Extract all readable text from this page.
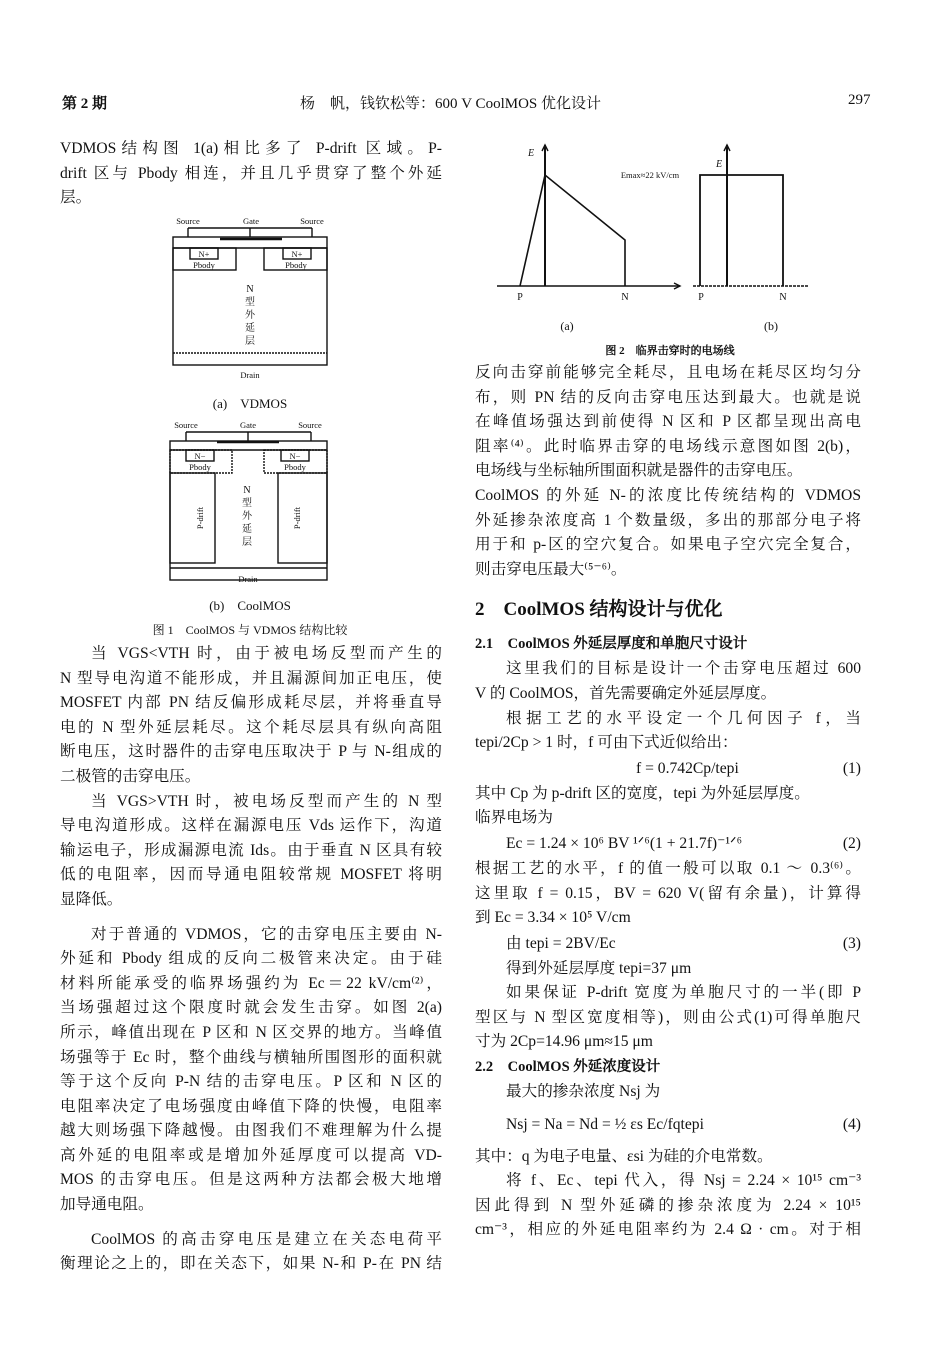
第 2 期	杨　帆，钱钦松等：600 V CoolMOS 优化设计	297
VDMOS结构图 1(a)相比多了 P-drift 区域。P-
drift 区与 Pbody 相连，并且几乎贯穿了整个外延
层。
Source	Gate	Source
N+	N+
Pbody	Pbody
Drain
Source	Gate	Source
N−	N−
Pbody	Pbody
Drain
P-drift	P-drift
N
型
外
延
层
N
型
外
延
层
(a)　VDMOS
(b)　CoolMOS
图 1　CoolMOS 与 VDMOS 结构比较
E
Emax≈22 kV/cm
P	N
E
P	N
(a)	(b)
图 2　临界击穿时的电场线
当 VGS<VTH 时，由于被电场反型而产生的
N 型导电沟道不能形成，并且漏源间加正电压，使
MOSFET 内部 PN 结反偏形成耗尽层，并将垂直导
电的 N 型外延层耗尽。这个耗尽层具有纵向高阻
断电压，这时器件的击穿电压取决于 P 与 N-组成的
二极管的击穿电压。
当 VGS>VTH 时，被电场反型而产生的 N 型
导电沟道形成。这样在漏源电压 Vds 运作下，沟道
输运电子，形成漏源电流 Ids。由于垂直 N 区具有较
低的电阻率，因而导通电阻较常规 MOSFET 将明
显降低。
对于普通的 VDMOS，它的击穿电压主要由 N-
外延和 Pbody 组成的反向二极管来决定。由于硅
材料所能承受的临界场强约为 Ec＝22 kV/cm⁽²⁾，
当场强超过这个限度时就会发生击穿。如图 2(a)
所示，峰值出现在 P 区和 N 区交界的地方。当峰值
场强等于 Ec 时，整个曲线与横轴所围图形的面积就
等于这个反向 P-N 结的击穿电压。P 区和 N 区的
电阻率决定了电场强度由峰值下降的快慢，电阻率
越大则场强下降越慢。由图我们不难理解为什么提
高外延的电阻率或是增加外延厚度可以提高 VD-
MOS 的击穿电压。但是这两种方法都会极大地增
加导通电阻。
CoolMOS 的高击穿电压是建立在关态电荷平
衡理论之上的，即在关态下，如果 N-和 P-在 PN 结
反向击穿前能够完全耗尽，且电场在耗尽区均匀分
布，则 PN 结的反向击穿电压达到最大。也就是说
在峰值场强达到前使得 N 区和 P 区都呈现出高电
阻率⁽⁴⁾。此时临界击穿的电场线示意图如图 2(b)，
电场线与坐标轴所围面积就是器件的击穿电压。
CoolMOS 的外延 N-的浓度比传统结构的 VDMOS
外延掺杂浓度高 1 个数量级，多出的那部分电子将
用于和 p-区的空穴复合。如果电子空穴完全复合，
则击穿电压最大⁽⁵⁻⁶⁾。
2　CoolMOS 结构设计与优化
2.1　CoolMOS 外延层厚度和单胞尺寸设计
这里我们的目标是设计一个击穿电压超过 600
V 的 CoolMOS，首先需要确定外延层厚度。
根据工艺的水平设定一个几何因子 f，当
tepi/2Cp > 1 时，f 可由下式近似给出：
f = 0.742Cp/tepi	(1)
其中 Cp 为 p-drift 区的宽度，tepi 为外延层厚度。
临界电场为
Ec = 1.24 × 10⁶ BV ¹ᐟ⁶(1 + 21.7f)⁻¹ᐟ⁶	(2)
根据工艺的水平，f 的值一般可以取 0.1 ～ 0.3⁽⁶⁾。
这里取 f = 0.15，BV = 620 V(留有余量)，计算得
到 Ec = 3.34 × 10⁵ V/cm
由 tepi = 2BV/Ec	(3)
得到外延层厚度 tepi=37 μm
如果保证 P-drift 宽度为单胞尺寸的一半(即 P
型区与 N 型区宽度相等)，则由公式(1)可得单胞尺
寸为 2Cp=14.96 μm≈15 μm
2.2　CoolMOS 外延浓度设计
最大的掺杂浓度 Nsj 为
Nsj = Na = Nd = ½ εs Ec/fqtepi	(4)
其中：q 为电子电量、εsi 为硅的介电常数。
将 f、Ec、tepi 代入，得 Nsj = 2.24 × 10¹⁵ cm⁻³
因此得到 N 型外延磷的掺杂浓度为 2.24 × 10¹⁵
cm⁻³，相应的外延电阻率约为 2.4 Ω · cm。对于相
